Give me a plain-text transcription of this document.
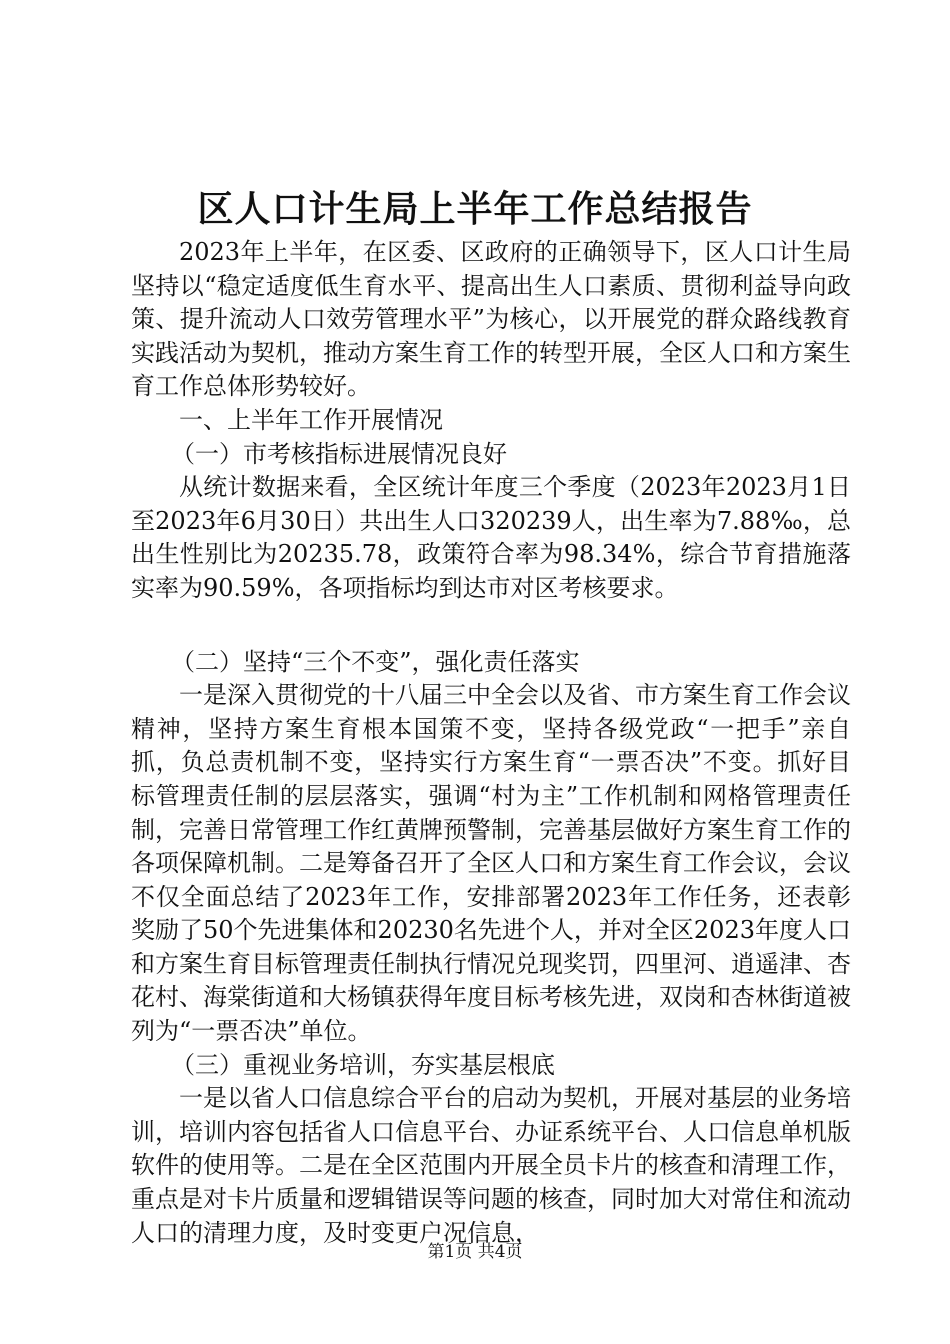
区人口计生局上半年工作总结报告

2023年上半年，在区委、区政府的正确领导下，区人口计生局坚持以“稳定适度低生育水平、提高出生人口素质、贯彻利益导向政策、提升流动人口效劳管理水平”为核心，以开展党的群众路线教育实践活动为契机，推动方案生育工作的转型开展，全区人口和方案生育工作总体形势较好。

一、上半年工作开展情况

（一）市考核指标进展情况良好

从统计数据来看，全区统计年度三个季度（2023年2023月1日至2023年6月30日）共出生人口320239人，出生率为7.88‰，总出生性别比为20235.78，政策符合率为98.34%，综合节育措施落实率为90.59%，各项指标均到达市对区考核要求。

（二）坚持“三个不变”，强化责任落实

一是深入贯彻党的十八届三中全会以及省、市方案生育工作会议精神，坚持方案生育根本国策不变，坚持各级党政“一把手”亲自抓，负总责机制不变，坚持实行方案生育“一票否决”不变。抓好目标管理责任制的层层落实，强调“村为主”工作机制和网格管理责任制，完善日常管理工作红黄牌预警制，完善基层做好方案生育工作的各项保障机制。二是筹备召开了全区人口和方案生育工作会议，会议不仅全面总结了2023年工作，安排部署2023年工作任务，还表彰奖励了50个先进集体和20230名先进个人，并对全区2023年度人口和方案生育目标管理责任制执行情况兑现奖罚，四里河、逍遥津、杏花村、海棠街道和大杨镇获得年度目标考核先进，双岗和杏林街道被列为“一票否决”单位。

（三）重视业务培训，夯实基层根底

一是以省人口信息综合平台的启动为契机，开展对基层的业务培训，培训内容包括省人口信息平台、办证系统平台、人口信息单机版软件的使用等。二是在全区范围内开展全员卡片的核查和清理工作，重点是对卡片质量和逻辑错误等问题的核查，同时加大对常住和流动人口的清理力度，及时变更户况信息，

第1页 共4页
